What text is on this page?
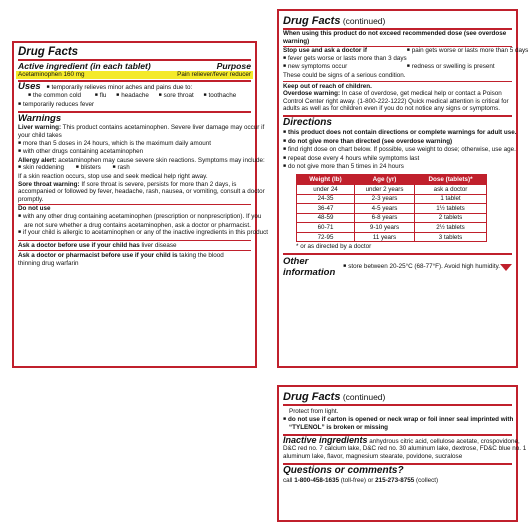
Drug Facts
Active ingredient (in each tablet)	Purpose
Acetaminophen 160 mg	Pain reliever/fever reducer
Uses ■ temporarily relieves minor aches and pains due to:
■ the common cold ■	flu ■ headache ■ sore throat ■ toothache
■ temporarily reduces fever
Warnings
Liver warning: This product contains acetaminophen. Severe liver damage may occur if
your child takes
■ more than 5 doses in 24 hours, which is the maximum daily amount
■ with other drugs containing acetaminophen
Allergy alert: acetaminophen may cause severe skin reactions. Symptoms may include:
■ skin reddening ■	blisters ■	rash
If a skin reaction occurs, stop use and seek medical help right away.
Sore throat warning: If sore throat is severe, persists for more than 2 days, is
accompanied or followed by fever, headache, rash, nausea, or vomiting, consult a doctor
promptly.
Do not use
■ with any other drug containing acetaminophen (prescription or nonprescription). If you
are not sure whether a drug contains acetaminophen, ask a doctor or pharmacist.
■ if your child is allergic to acetaminophen or any of the inactive ingredients in this product
Ask a doctor before use if your child has liver disease
Ask a doctor or pharmacist before use if your child is taking the blood
thinning drug warfarin
Drug Facts (continued)
When using this product do not exceed recommended dose (see overdose
warning)
Stop use and ask a doctor if
■ fever gets worse or lasts more than 3 days
■ new symptoms occur
■ pain gets worse or lasts more than 5 days

■ redness or swelling is present
These could be signs of a serious condition.
Keep out of reach of children.
Overdose warning: In case of overdose, get medical help or contact a Poison
Control Center right away. (1-800-222-1222) Quick medical attention is critical for
adults as well as for children even if you do not notice any signs or symptoms.
Directions
■ this product does not contain directions or complete warnings for adult use.
■ do not give more than directed (see overdose warning)
■ find right dose on chart below. If possible, use weight to dose; otherwise, use age.
■ repeat dose every 4 hours while symptoms last
■ do not give more than 5 times in 24 hours
Weight (lb)	Age (yr)	Dose (tablets)*
under 24	under 2 years	ask a doctor
24-35	2-3 years	1 tablet
36-47	4-5 years	1½ tablets
48-59	6-8 years	2 tablets
60-71	9-10 years	2½ tablets
72-95	11 years	3 tablets
* or as directed by a doctor
Other information
■ store between 20-25°C (68-77°F). Avoid high humidity.
Drug Facts (continued)
Protect from light.
■ do not use if carton is opened or neck wrap or foil inner seal imprinted with
“TYLENOL” is broken or missing
Inactive ingredients anhydrous citric acid, cellulose acetate, crospovidone,
D&C red no. 7 calcium lake, D&C red no. 30 aluminum lake, dextrose, FD&C blue no. 1
aluminum lake, flavor, magnesium stearate, povidone, sucralose
Questions or comments?
call 1-800-458-1635 (toll-free) or 215-273-8755 (collect)
